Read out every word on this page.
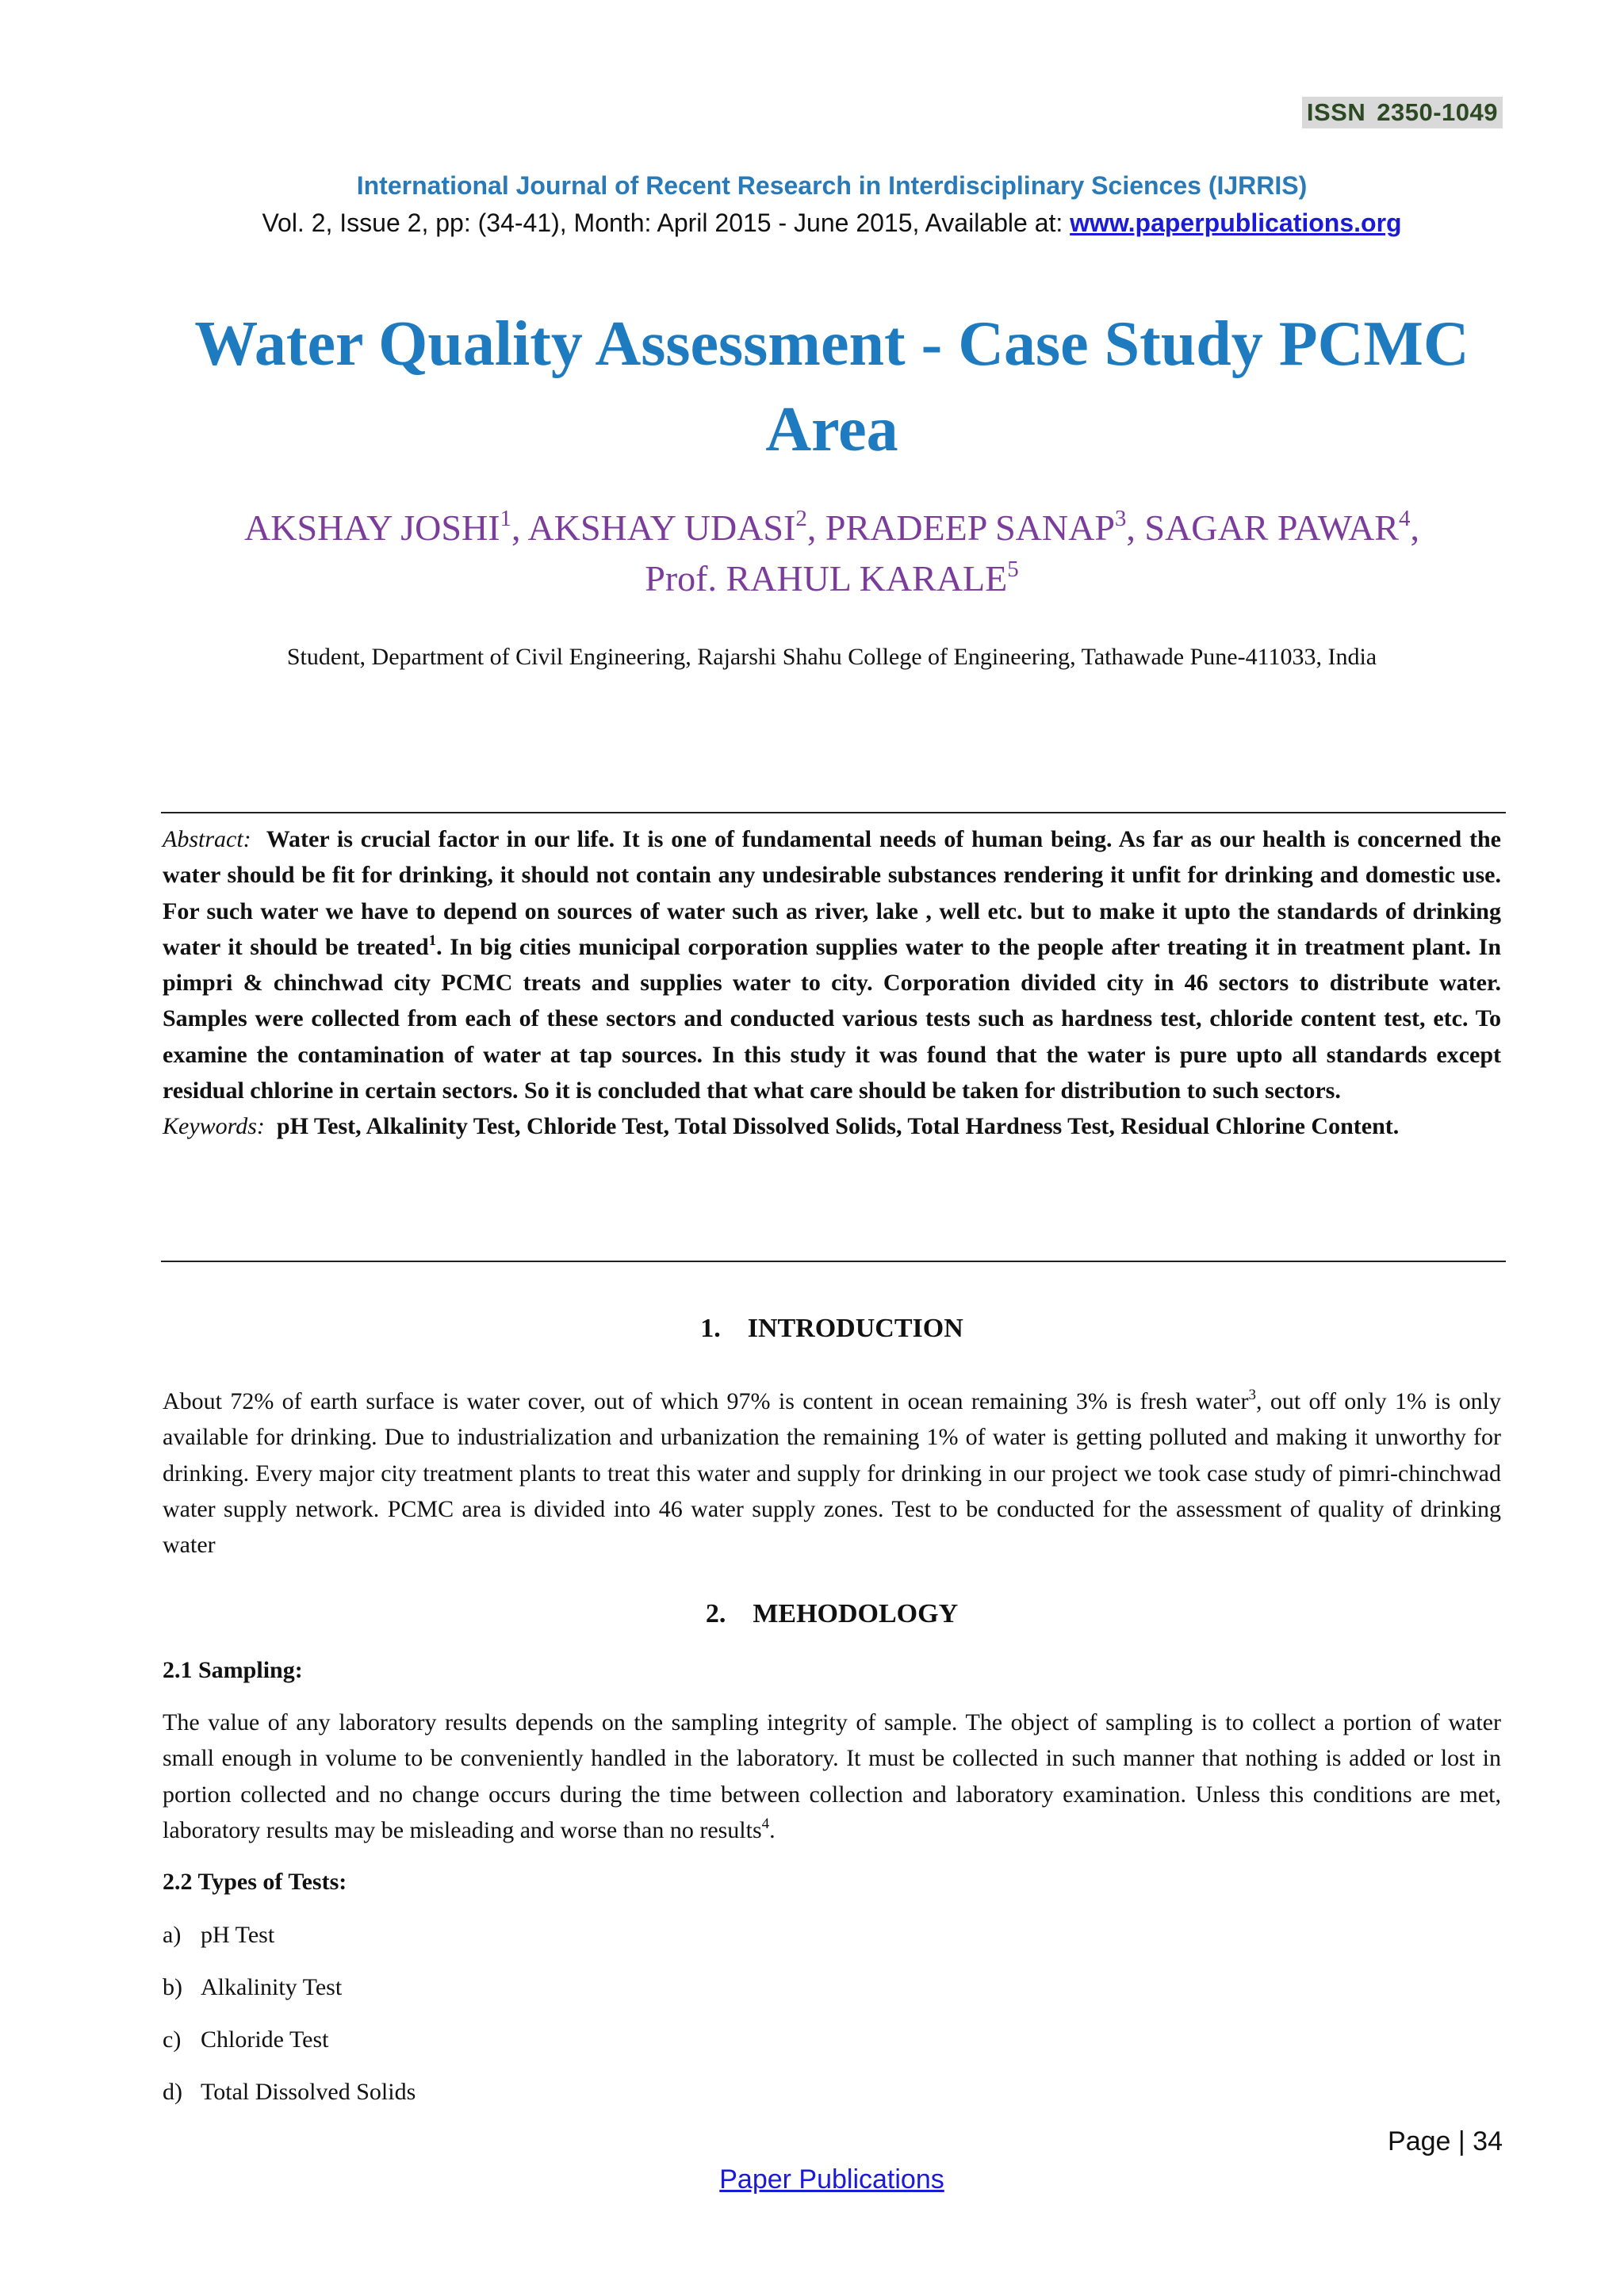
ISSN 2350-1049
International Journal of Recent Research in Interdisciplinary Sciences (IJRRIS)
Vol. 2, Issue 2, pp: (34-41), Month: April 2015 - June 2015, Available at: www.paperpublications.org
Water Quality Assessment - Case Study PCMC
Area
AKSHAY JOSHI$^1$, AKSHAY UDASI$^2$, PRADEEP SANAP$^3$, SAGAR PAWAR$^4$,
Prof. RAHUL KARALE$^5$
Student, Department of Civil Engineering, Rajarshi Shahu College of Engineering, Tathawade Pune-411033, India
Abstract: Water is crucial factor in our life. It is one of fundamental needs of human being. As far as our health is concerned the water should be fit for drinking, it should not contain any undesirable substances rendering it unfit for drinking and domestic use. For such water we have to depend on sources of water such as river, lake , well etc. but to make it upto the standards of drinking water it should be treated$^1$. In big cities municipal corporation supplies water to the people after treating it in treatment plant. In pimpri & chinchwad city PCMC treats and supplies water to city. Corporation divided city in 46 sectors to distribute water. Samples were collected from each of these sectors and conducted various tests such as hardness test, chloride content test, etc. To examine the contamination of water at tap sources. In this study it was found that the water is pure upto all standards except residual chlorine in certain sectors. So it is concluded that what care should be taken for distribution to such sectors.
Keywords: pH Test, Alkalinity Test, Chloride Test, Total Dissolved Solids, Total Hardness Test, Residual Chlorine Content.
1. INTRODUCTION
About 72% of earth surface is water cover, out of which 97% is content in ocean remaining 3% is fresh water$^3$, out off only 1% is only available for drinking. Due to industrialization and urbanization the remaining 1% of water is getting polluted and making it unworthy for drinking. Every major city treatment plants to treat this water and supply for drinking in our project we took case study of pimri-chinchwad water supply network. PCMC area is divided into 46 water supply zones. Test to be conducted for the assessment of quality of drinking water
2. MEHODOLOGY
2.1 Sampling:
The value of any laboratory results depends on the sampling integrity of sample. The object of sampling is to collect a portion of water small enough in volume to be conveniently handled in the laboratory. It must be collected in such manner that nothing is added or lost in portion collected and no change occurs during the time between collection and laboratory examination. Unless this conditions are met, laboratory results may be misleading and worse than no results$^4$.
2.2 Types of Tests:
a) pH Test
b) Alkalinity Test
c) Chloride Test
d) Total Dissolved Solids
Page | 34
Paper Publications
